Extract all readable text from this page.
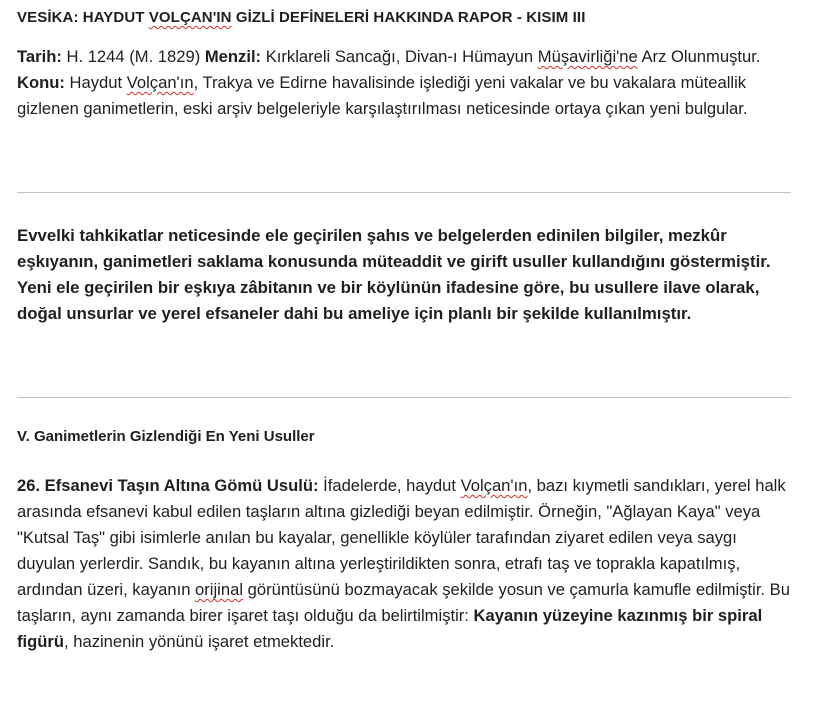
VESİKA: HAYDUT VOLÇAN'IN GİZLİ DEFİNELERİ HAKKINDA RAPOR - KISIM III
Tarih: H. 1244 (M. 1829) Menzil: Kırklareli Sancağı, Divan-ı Hümayun Müşavirliği'ne Arz Olunmuştur. Konu: Haydut Volçan'ın, Trakya ve Edirne havalisinde işlediği yeni vakalar ve bu vakalara müteallik gizlenen ganimetlerin, eski arşiv belgeleriyle karşılaştırılması neticesinde ortaya çıkan yeni bulgular.
Evvelki tahkikatlar neticesinde ele geçirilen şahıs ve belgelerden edinilen bilgiler, mezkûr eşkıyanın, ganimetleri saklama konusunda müteaddit ve girift usuller kullandığını göstermiştir. Yeni ele geçirilen bir eşkıya zâbitanın ve bir köylünün ifadesine göre, bu usullere ilave olarak, doğal unsurlar ve yerel efsaneler dahi bu ameliye için planlı bir şekilde kullanılmıştır.
V. Ganimetlerin Gizlendiği En Yeni Usuller
26. Efsanevi Taşın Altına Gömü Usulü: İfadelerde, haydut Volçan'ın, bazı kıymetli sandıkları, yerel halk arasında efsanevi kabul edilen taşların altına gizlediği beyan edilmiştir. Örneğin, "Ağlayan Kaya" veya "Kutsal Taş" gibi isimlerle anılan bu kayalar, genellikle köylüler tarafından ziyaret edilen veya saygı duyulan yerlerdir. Sandık, bu kayanın altına yerleştirildikten sonra, etrafı taş ve toprakla kapatılmış, ardından üzeri, kayanın orijinal görüntüsünü bozmayacak şekilde yosun ve çamurla kamufle edilmiştir. Bu taşların, aynı zamanda birer işaret taşı olduğu da belirtilmiştir: Kayanın yüzeyine kazınmış bir spiral figürü, hazinenin yönünü işaret etmektedir.
